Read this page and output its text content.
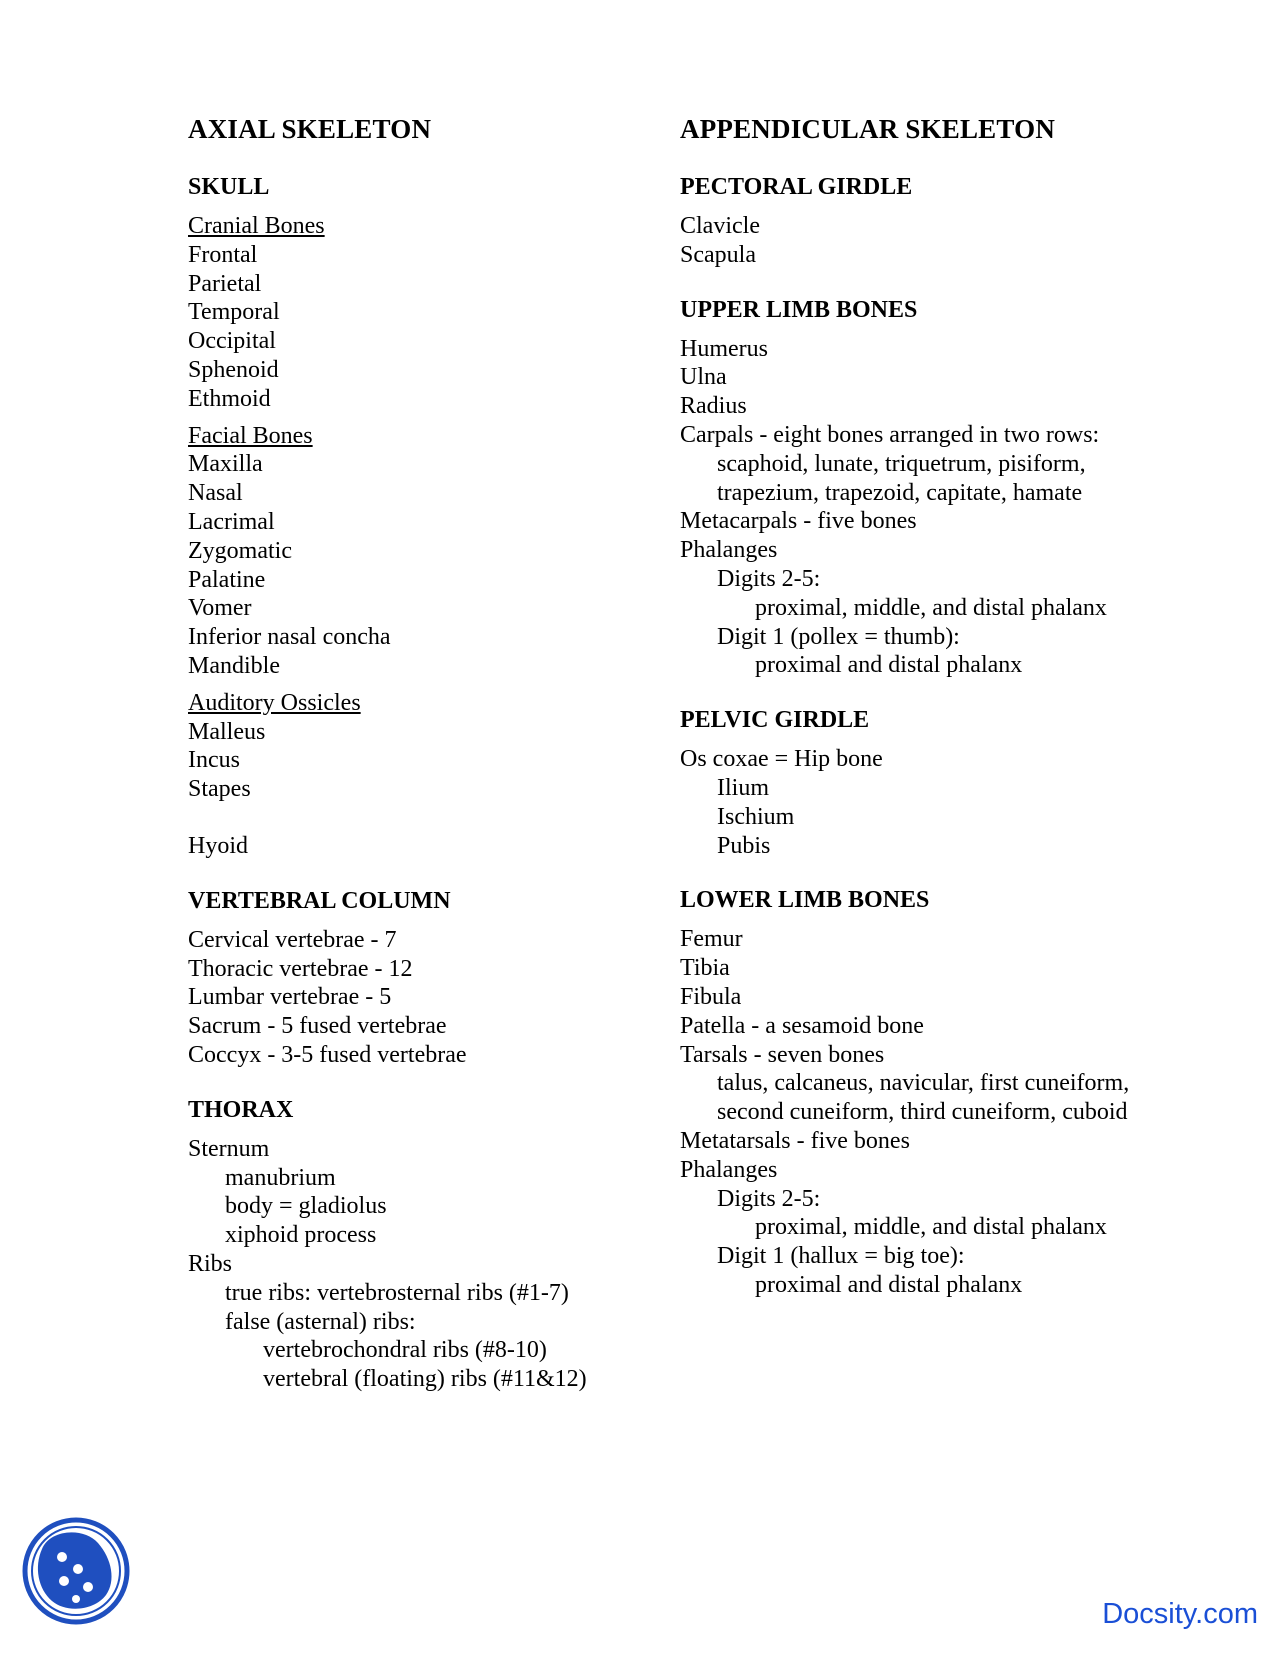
AXIAL SKELETON
SKULL

Cranial Bones

Frontal
Parietal
Temporal
Occipital
Sphenoid
Ethmoid

Facial Bones

Maxilla
Nasal
Lacrimal
Zygomatic
Palatine
Vomer
Inferior nasal concha
Mandible

Auditory Ossicles

Malleus
Incus
Stapes
Hyoid
VERTEBRAL COLUMN
Cervical vertebrae - 7
Thoracic vertebrae - 12
Lumbar vertebrae - 5
Sacrum - 5 fused vertebrae
Coccyx - 3-5 fused vertebrae
THORAX
Sternum
manubrium
body = gladiolus
xiphoid process
Ribs
true ribs: vertebrosternal ribs (#1-7)
false (asternal) ribs:
vertebrochondral ribs (#8-10)
vertebral (floating) ribs (#11&12)
APPENDICULAR SKELETON
PECTORAL GIRDLE
Clavicle
Scapula
UPPER LIMB BONES
Humerus
Ulna
Radius
Carpals - eight bones arranged in two rows:
scaphoid, lunate, triquetrum, pisiform,
trapezium, trapezoid, capitate, hamate
Metacarpals - five bones
Phalanges
Digits 2-5:
proximal, middle, and distal phalanx
Digit 1 (pollex = thumb):
proximal and distal phalanx
PELVIC GIRDLE
Os coxae = Hip bone
Ilium
Ischium
Pubis
LOWER LIMB BONES
Femur
Tibia
Fibula
Patella - a sesamoid bone
Tarsals - seven bones
talus, calcaneus, navicular, first cuneiform,
second cuneiform, third cuneiform, cuboid
Metatarsals - five bones
Phalanges
Digits 2-5:
proximal, middle, and distal phalanx
Digit 1 (hallux = big toe):
proximal and distal phalanx
Docsity.com
